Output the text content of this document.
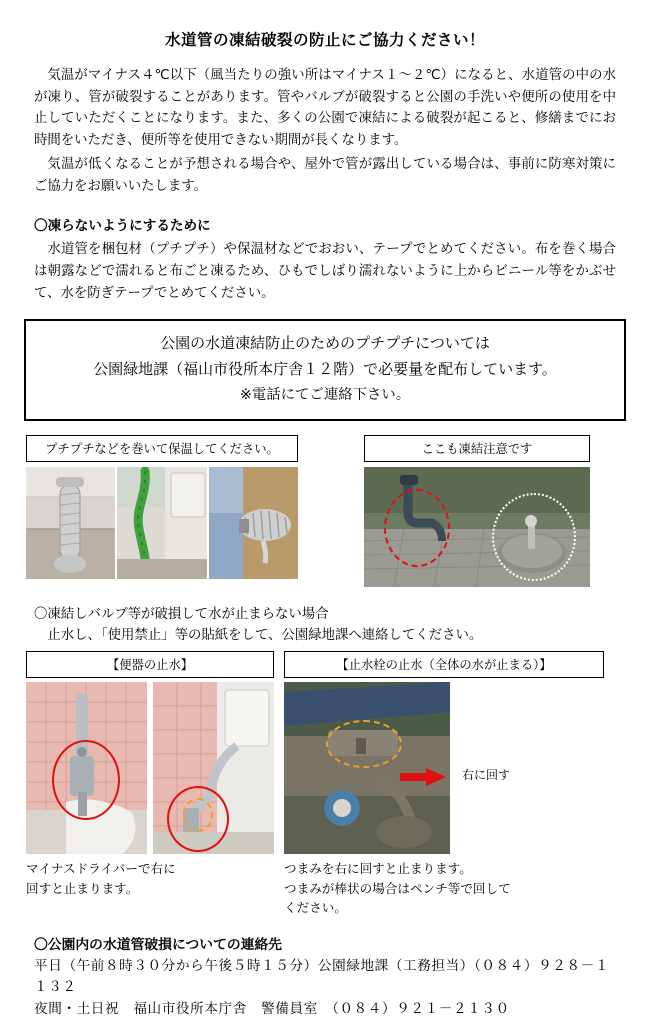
水道管の凍結破裂の防止にご協力ください！

気温がマイナス４℃以下（風当たりの強い所はマイナス１～２℃）になると、水道管の中の水が凍り、管が破裂することがあります。管やバルブが破裂すると公園の手洗いや便所の使用を中止していただくことになります。また、多くの公園で凍結による破裂が起こると、修繕までにお時間をいただき、便所等を使用できない期間が長くなります。

気温が低くなることが予想される場合や、屋外で管が露出している場合は、事前に防寒対策にご協力をお願いいたします。

〇凍らないようにするために
水道管を梱包材（プチプチ）や保温材などでおおい、テープでとめてください。布を巻く場合は朝露などで濡れると布ごと凍るため、ひもでしばり濡れないように上からビニール等をかぶせて、水を防ぎテープでとめてください。
公園の水道凍結防止のためのプチプチについては
公園緑地課（福山市役所本庁舎１２階）で必要量を配布しています。
※電話にてご連絡下さい。
プチプチなどを巻いて保温してください。	ここも凍結注意です
〇凍結しバルブ等が破損して水が止まらない場合
止水し、「使用禁止」等の貼紙をして、公園緑地課へ連絡してください。
【便器の止水】
マイナスドライバーで右に
回すと止まります。
【止水栓の止水（全体の水が止まる）】
右に回す
つまみを右に回すと止まります。
つまみが棒状の場合はペンチ等で回して
ください。
〇公園内の水道管破損についての連絡先
平日（午前８時３０分から午後５時１５分）公園緑地課（工務担当）（０８４）９２８－１１３２
夜間・土日祝　福山市役所本庁舎　警備員室　（０８４）９２１－２１３０
